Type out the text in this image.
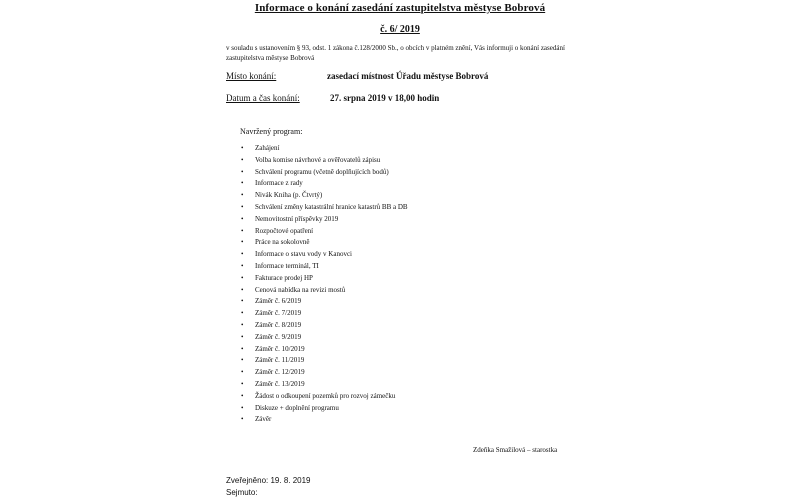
Informace o konání zasedání zastupitelstva městyse Bobrová
č. 6/ 2019
v souladu s ustanovením § 93, odst. 1 zákona č.128/2000 Sb., o obcích v platném znění, Vás informuji o konání zasedání zastupitelstva městyse Bobrová
Místo konání:	zasedací místnost Úřadu městyse Bobrová
Datum a čas konání:	27. srpna 2019 v 18,00 hodin
Navržený program:
• Zahájení
• Volba komise návrhové a ověřovatelů zápisu
• Schválení programu (včetně doplňujících bodů)
• Informace z rady
• Nivák Kniha (p. Čtvrtý)
• Schválení změny katastrální hranice katastrů BB a DB
• Nemovitostní příspěvky 2019
• Rozpočtové opatření
• Práce na sokolovně
• Informace o stavu vody v Kanovci
• Informace terminál, TI
• Fakturace prodej HP
• Cenová nabídka na revizi mostů
• Záměr č. 6/2019
• Záměr č. 7/2019
• Záměr č. 8/2019
• Záměr č. 9/2019
• Záměr č. 10/2019
• Záměr č. 11/2019
• Záměr č. 12/2019
• Záměr č. 13/2019
• Žádost o odkoupení pozemků pro rozvoj zámečku
• Diskuze + doplnění programu
• Závěr
Zdeňka Smažilová – starostka
Zveřejněno: 19. 8. 2019
Sejmuto:
